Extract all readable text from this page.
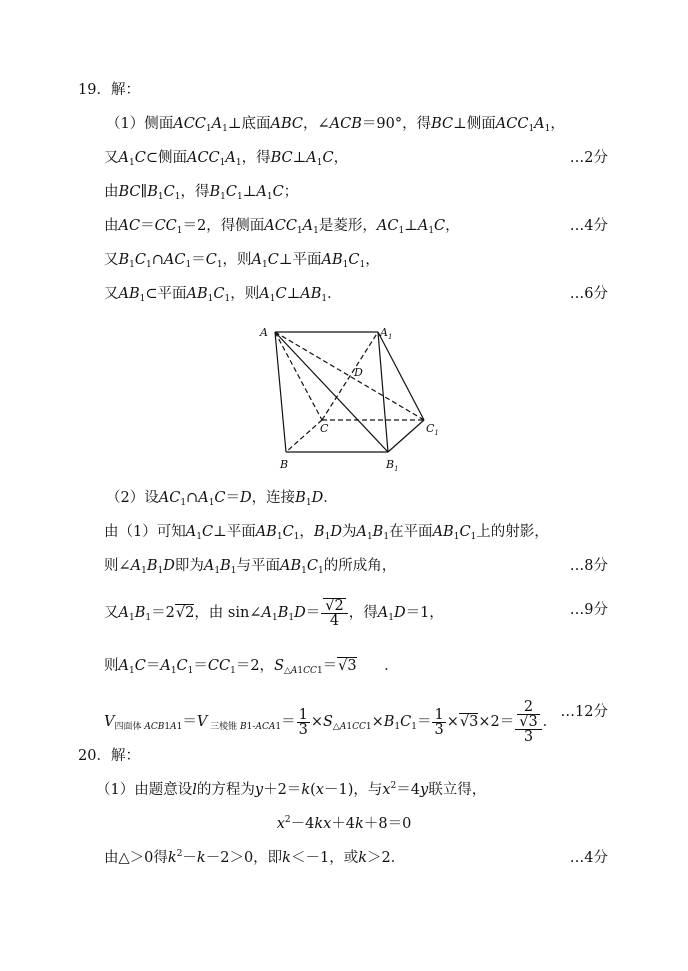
19．解：
（1）侧面$ACC_1A_1\perp$底面ABC，∠ACB＝90°，得BC⊥侧面$ACC_1A_1$，
又$A_1C\subset$侧面$ACC_1A_1$，得$BC\perp A_1C$，	…2分
由$BC\parallel B_1C_1$，得$B_1C_1\perp A_1C$；
由$AC=CC_1=2$，得侧面$ACC_1A_1$是菱形，$AC_1\perp A_1C$，	…4分
又$B_1C_1\cap AC_1=C_1$，则$A_1C\perp$平面$AB_1C_1$，
又$AB_1\subset$平面$AB_1C_1$，则$A_1C\perp AB_1$．	…6分
A	$A_1$
D
C	$C_1$
B	$B_1$
（2）设$AC_1\cap A_1C=D$，连接$B_1D$．
由（1）可知$A_1C\perp$平面$AB_1C_1$，$B_1D$为$A_1B_1$在平面$AB_1C_1$上的射影，
则$\angle A_1B_1D$即为$A_1B_1$与平面$AB_1C_1$的所成角，	…8分
又$A_1B_1=2√2$，由 $\sin\angle A_1B_1D= \frac{√2}{4}$ ，得$A_1D=1$，	…9分
则$A_1C=A_1C_1=CC_1=2$，$S_{\triangle A1CC1}=√3$      ．
$V_{四面体 ACB1A1}=V$ $_{三棱锥 B1-ACA1}= \frac{1}{3} \times S_{\triangle A1CC1}\times B_1C_1= \frac{1}{3} \times√3\times 2= 2$
√3
3 ．
…12分
20．解：
（1）由题意设l的方程为y＋2＝k(x－1)，与$x^2=4y$联立得，
$x^2-4kx+4k+8=0$
由△＞0得$k^2-k-2>0$，即k＜－1，或k＞2．	…4分
